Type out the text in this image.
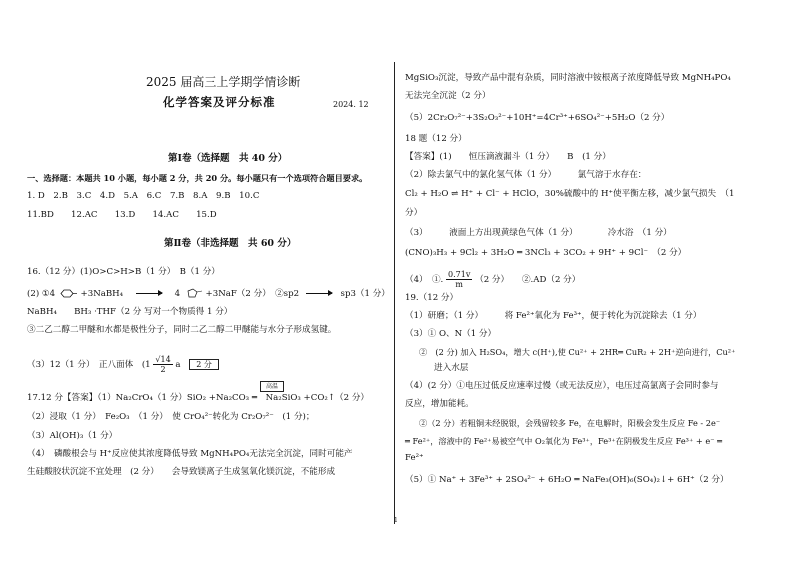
2025 届高三上学期学情诊断
化学答案及评分标准	2024. 12
第Ⅰ卷（选择题　共 40 分）
一、选择题：本题共 10 小题，每小题 2 分，共 20 分。每小题只有一个选项符合题目要求。
1. D　2.B　3.C　4.D　5.A　6.C　7.B　8.A　9.B　10.C
11.BD　　12.AC　　13.D　　14.AC　　15.D
第Ⅱ卷（非选择题　共 60 分）
16.（12 分）(1)O>C>H>B（1 分）　B（1 分）
(2) ①4	+3NaBH₄ → 4	+3NaF（2 分）　②sp2	sp3（1 分）
NaBH₄　　BH₃ ·THF（2 分 写对一个物质得 1 分）
③二乙二醇二甲醚和水都是极性分子，同时二乙二醇二甲醚能与水分子形成氢键。
（3）12（1 分）　正八面体　($1 \frac{√14}{2}$ a 2 分
高温
17.12 分【答案】（1）Na₂CrO₄（1 分）SiO₂ +Na₂CO₃ ═　Na₂SiO₃ +CO₂↑（2 分）
（2）浸取（1 分）　Fe₂O₃　（1 分）　使 CrO₄²⁻转化为 Cr₂O₇²⁻　(1 分)；
（3）Al(OH)₃（1 分）
（4）　磷酸根会与 H⁺反应使其浓度降低导致 MgNH₄PO₄无法完全沉淀，同时可能产
生硅酸胶状沉淀不宜处理　(2 分）　　会导致镁离子生成氢氧化镁沉淀，不能形成
MgSiO₃沉淀，导致产品中混有杂质，同时溶液中铵根离子浓度降低导致 MgNH₄PO₄
无法完全沉淀（2 分）
（5）2Cr₂O₇²⁻+3S₂O₃²⁻+10H⁺=4Cr³⁺+6SO₄²⁻+5H₂O（2 分）
18 题（12 分）
【答案】(1)　　恒压滴液漏斗（1 分）　　B　(1 分）
（2）除去氯气中的氯化氢气体（1 分）　　　氯气溶于水存在：
Cl₂ + H₂O ⇌ H⁺ + Cl⁻ + HClO，30%硫酸中的 H⁺使平衡左移，减少氯气损失　（1
分）
（3）　　　液面上方出现黄绿色气体（1 分）　　　　冷水浴　（1 分）
(CNO)₃H₃ + 9Cl₂ + 3H₂O ═ 3NCl₃ + 3CO₂ + 9H⁺ + 9Cl⁻　（2 分）
（4）　①. $\frac{0.71v}{m} (2$ 分）　　②.AD（2 分）
19.（12 分）
（1）研磨；（1 分）　　　将 Fe²⁺氧化为 Fe³⁺，便于转化为沉淀除去（1 分）
（3）① O、N（1 分）
②　(2 分) 加入 H₂SO₄，增大 c(H⁺),使 Cu²⁺ + 2HR═ CuR₂ + 2H⁺逆向进行，Cu²⁺
进入水层
（4）(2 分）①电压过低反应速率过慢（或无法反应），电压过高氯离子会同时参与
反应，增加能耗。
②（2 分）若粗铜未经脱银，会残留较多 Fe，在电解时，阳极会发生反应 Fe - 2e⁻
═ Fe²⁺，溶液中的 Fe²⁺易被空气中 O₂氧化为 Fe³⁺，Fe³⁺在阴极发生反应 Fe³⁺ + e⁻ ═
Fe²⁺
（5）① Na⁺ + 3Fe³⁺ + 2SO₄²⁻ + 6H₂O ═ NaFe₃(OH)₆(SO₄)₂↓+ 6H⁺（2 分）
1
